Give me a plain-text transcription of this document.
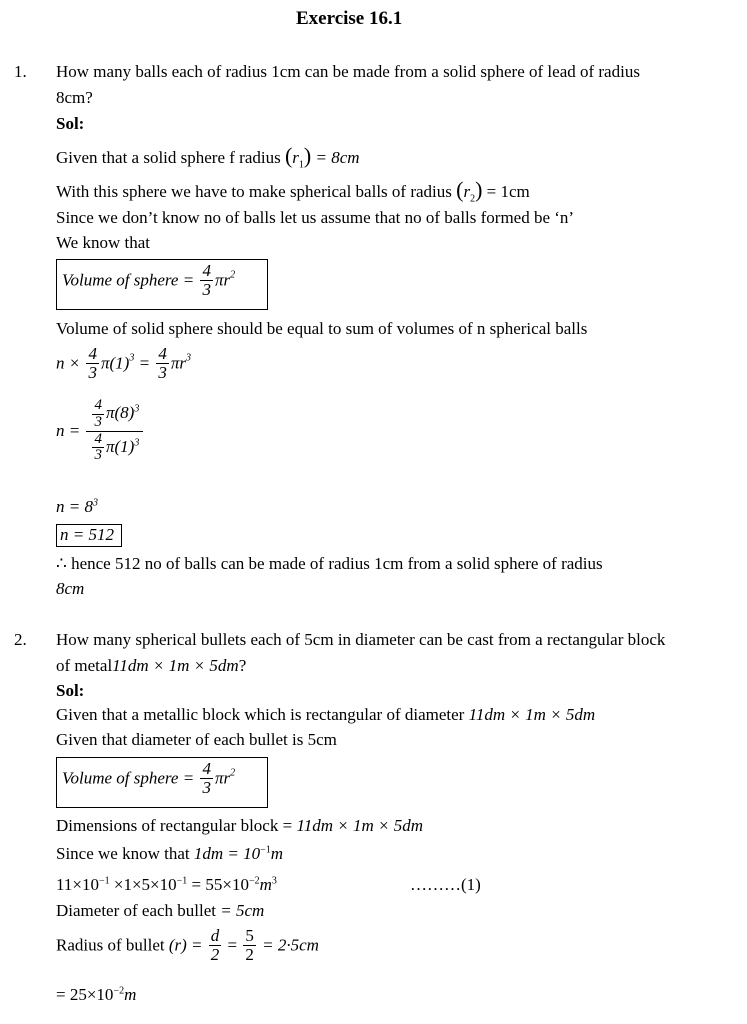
Exercise 16.1
1. How many balls each of radius 1cm can be made from a solid sphere of lead of radius
8cm?
Sol:
Given that a solid sphere f radius $(r_1) = 8cm$
With this sphere we have to make spherical balls of radius $(r_2) = 1cm$
Since we don’t know no of balls let us assume that no of balls formed be ‘n’
We know that
Volume of sphere = $\frac{4}{3} \pi r^2$
Volume of solid sphere should be equal to sum of volumes of n spherical balls
$n \times \frac{4}{3} \pi(1)^3 = \frac{4}{3} \pi r^3$
$n = \frac{\frac{4}{3} \pi(8)^3}{\frac{4}{3} \pi(1)^3}$
$n = 8^3$
n = 512
∴ hence 512 no of balls can be made of radius 1cm from a solid sphere of radius
8cm
2. How many spherical bullets each of 5cm in diameter can be cast from a rectangular block
of metal11dm × 1m × 5dm?
Sol:
Given that a metallic block which is rectangular of diameter 11dm × 1m × 5dm
Given that diameter of each bullet is 5cm
Volume of sphere = $\frac{4}{3} \pi r^2$
Dimensions of rectangular block = 11dm × 1m × 5dm
Since we know that $1dm = 10^{-1}m$
$11\times 10^{-1} \times 1\times 5\times 10^{-1} = 55\times 10^{-2}m^3$	………(1)
Diameter of each bullet = 5cm
Radius of bullet $(r) = \frac{d}{2} = \frac{5}{2} = 2\cdot 5cm$
= $25\times 10^{-2}m$
